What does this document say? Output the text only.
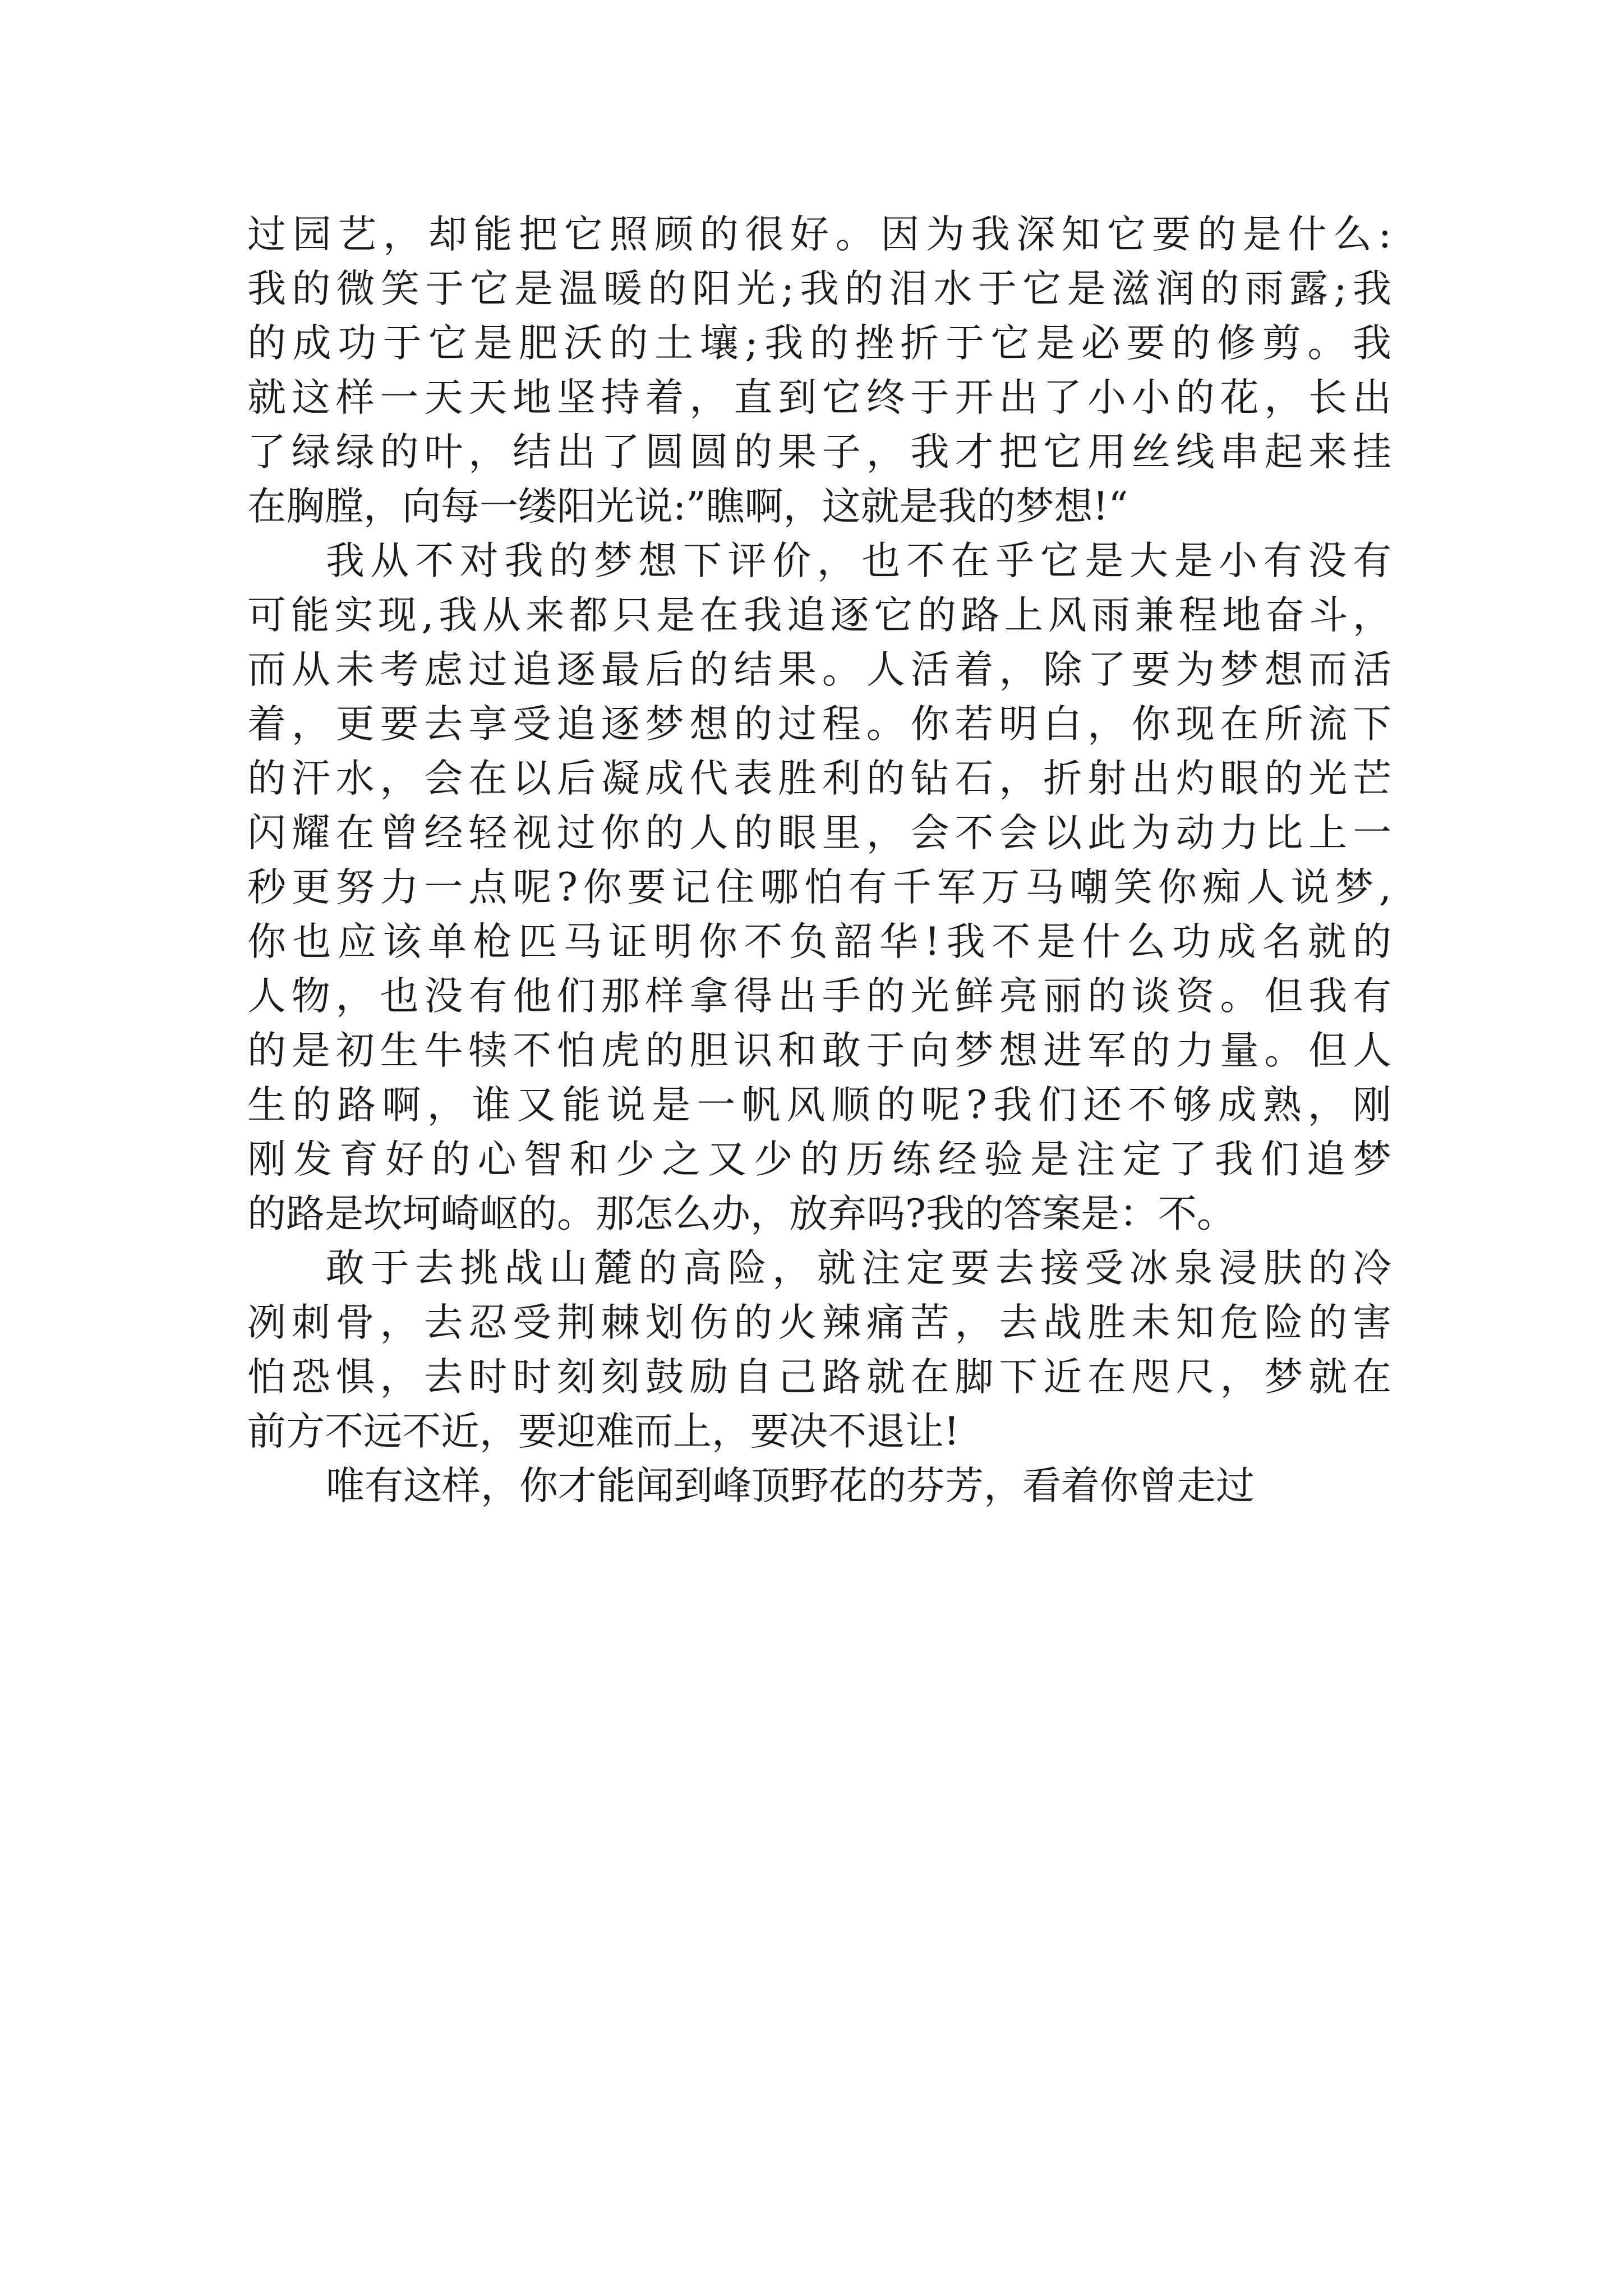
过园艺，却能把它照顾的很好。因为我深知它要的是什么:
我的微笑于它是温暖的阳光;我的泪水于它是滋润的雨露;我
的成功于它是肥沃的土壤;我的挫折于它是必要的修剪。我
就这样一天天地坚持着，直到它终于开出了小小的花，长出
了绿绿的叶，结出了圆圆的果子，我才把它用丝线串起来挂
在胸膛，向每一缕阳光说:”瞧啊，这就是我的梦想!“
我从不对我的梦想下评价，也不在乎它是大是小有没有
可能实现,我从来都只是在我追逐它的路上风雨兼程地奋斗，
而从未考虑过追逐最后的结果。人活着，除了要为梦想而活
着，更要去享受追逐梦想的过程。你若明白，你现在所流下
的汗水，会在以后凝成代表胜利的钻石，折射出灼眼的光芒
闪耀在曾经轻视过你的人的眼里，会不会以此为动力比上一
秒更努力一点呢?你要记住哪怕有千军万马嘲笑你痴人说梦,
你也应该单枪匹马证明你不负韶华!我不是什么功成名就的
人物，也没有他们那样拿得出手的光鲜亮丽的谈资。但我有
的是初生牛犊不怕虎的胆识和敢于向梦想进军的力量。但人
生的路啊，谁又能说是一帆风顺的呢?我们还不够成熟，刚
刚发育好的心智和少之又少的历练经验是注定了我们追梦
的路是坎坷崎岖的。那怎么办，放弃吗?我的答案是：不。
敢于去挑战山麓的高险，就注定要去接受冰泉浸肤的冷
冽刺骨，去忍受荆棘划伤的火辣痛苦，去战胜未知危险的害
怕恐惧，去时时刻刻鼓励自己路就在脚下近在咫尺，梦就在
前方不远不近，要迎难而上，要决不退让!
唯有这样，你才能闻到峰顶野花的芬芳，看着你曾走过
